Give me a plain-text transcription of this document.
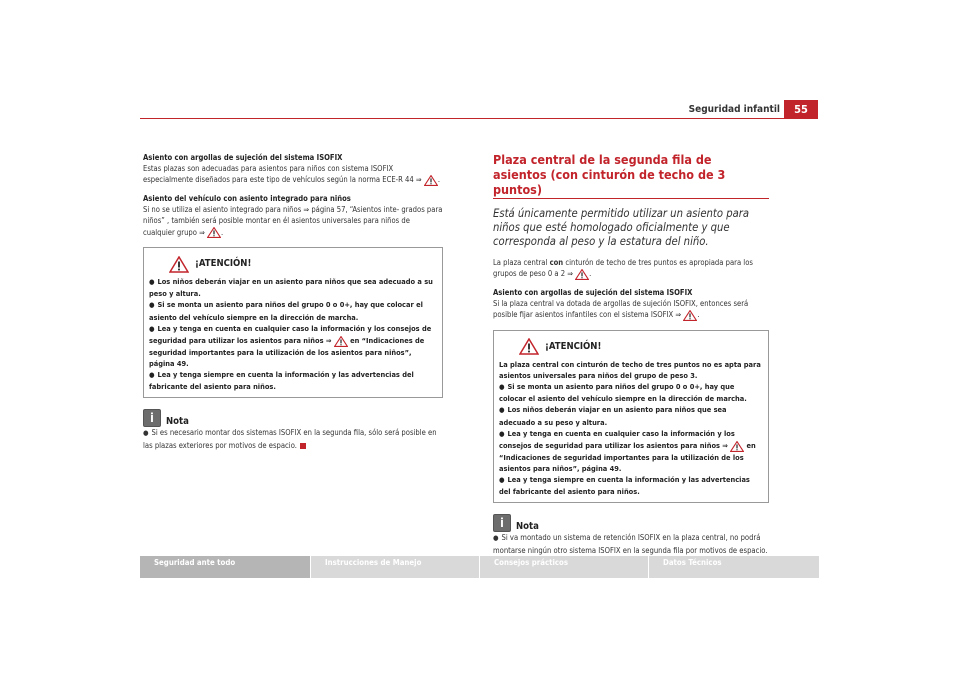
Seguridad infantil	55

Asiento con argollas de sujeción del sistema ISOFIX

Estas plazas son adecuadas para asientos para niños con sistema ISOFIX especialmente diseñados para este tipo de vehículos según la norma ECE-R 44 ⇒ .

Asiento del vehículo con asiento integrado para niños

Si no se utiliza el asiento integrado para niños ⇒ página 57, “Asientos inte- grados para niños” , también será posible montar en él asientos universales para niños de cualquier grupo ⇒ .

¡ATENCIÓN!

● Los niños deberán viajar en un asiento para niños que sea adecuado a su peso y altura.

● Si se monta un asiento para niños del grupo 0 o 0+, hay que colocar el asiento del vehículo siempre en la dirección de marcha.

● Lea y tenga en cuenta en cualquier caso la información y los consejos de seguridad para utilizar los asientos para niños ⇒	en “Indicaciones de seguridad importantes para la utilización de los asientos para niños”, página 49.

● Lea y tenga siempre en cuenta la información y las advertencias del fabricante del asiento para niños.

i	Nota

● Si es necesario montar dos sistemas ISOFIX en la segunda fila, sólo será posible en las plazas exteriores por motivos de espacio.

Plaza central de la segunda fila de asientos (con cinturón de techo de 3 puntos)
Está únicamente permitido utilizar un asiento para niños que esté homologado oficialmente y que corresponda al peso y la estatura del niño.

La plaza central con cinturón de techo de tres puntos es apropiada para los grupos de peso 0 a 2 ⇒ .

Asiento con argollas de sujeción del sistema ISOFIX

Si la plaza central va dotada de argollas de sujeción ISOFIX, entonces será posible fijar asientos infantiles con el sistema ISOFIX ⇒ .

¡ATENCIÓN!

La plaza central con cinturón de techo de tres puntos no es apta para asientos universales para niños del grupo de peso 3.

● Si se monta un asiento para niños del grupo 0 o 0+, hay que colocar el asiento del vehículo siempre en la dirección de marcha.

● Los niños deberán viajar en un asiento para niños que sea adecuado a su peso y altura.

● Lea y tenga en cuenta en cualquier caso la información y los consejos de seguridad para utilizar los asientos para niños ⇒	en “Indicaciones de seguridad importantes para la utilización de los asientos para niños”, página 49.

● Lea y tenga siempre en cuenta la información y las advertencias del fabricante del asiento para niños.

i	Nota

● Si va montado un sistema de retención ISOFIX en la plaza central, no podrá montarse ningún otro sistema ISOFIX en la segunda fila por motivos de espacio.

Seguridad ante todo	Instrucciones de Manejo	Consejos prácticos	Datos Técnicos
